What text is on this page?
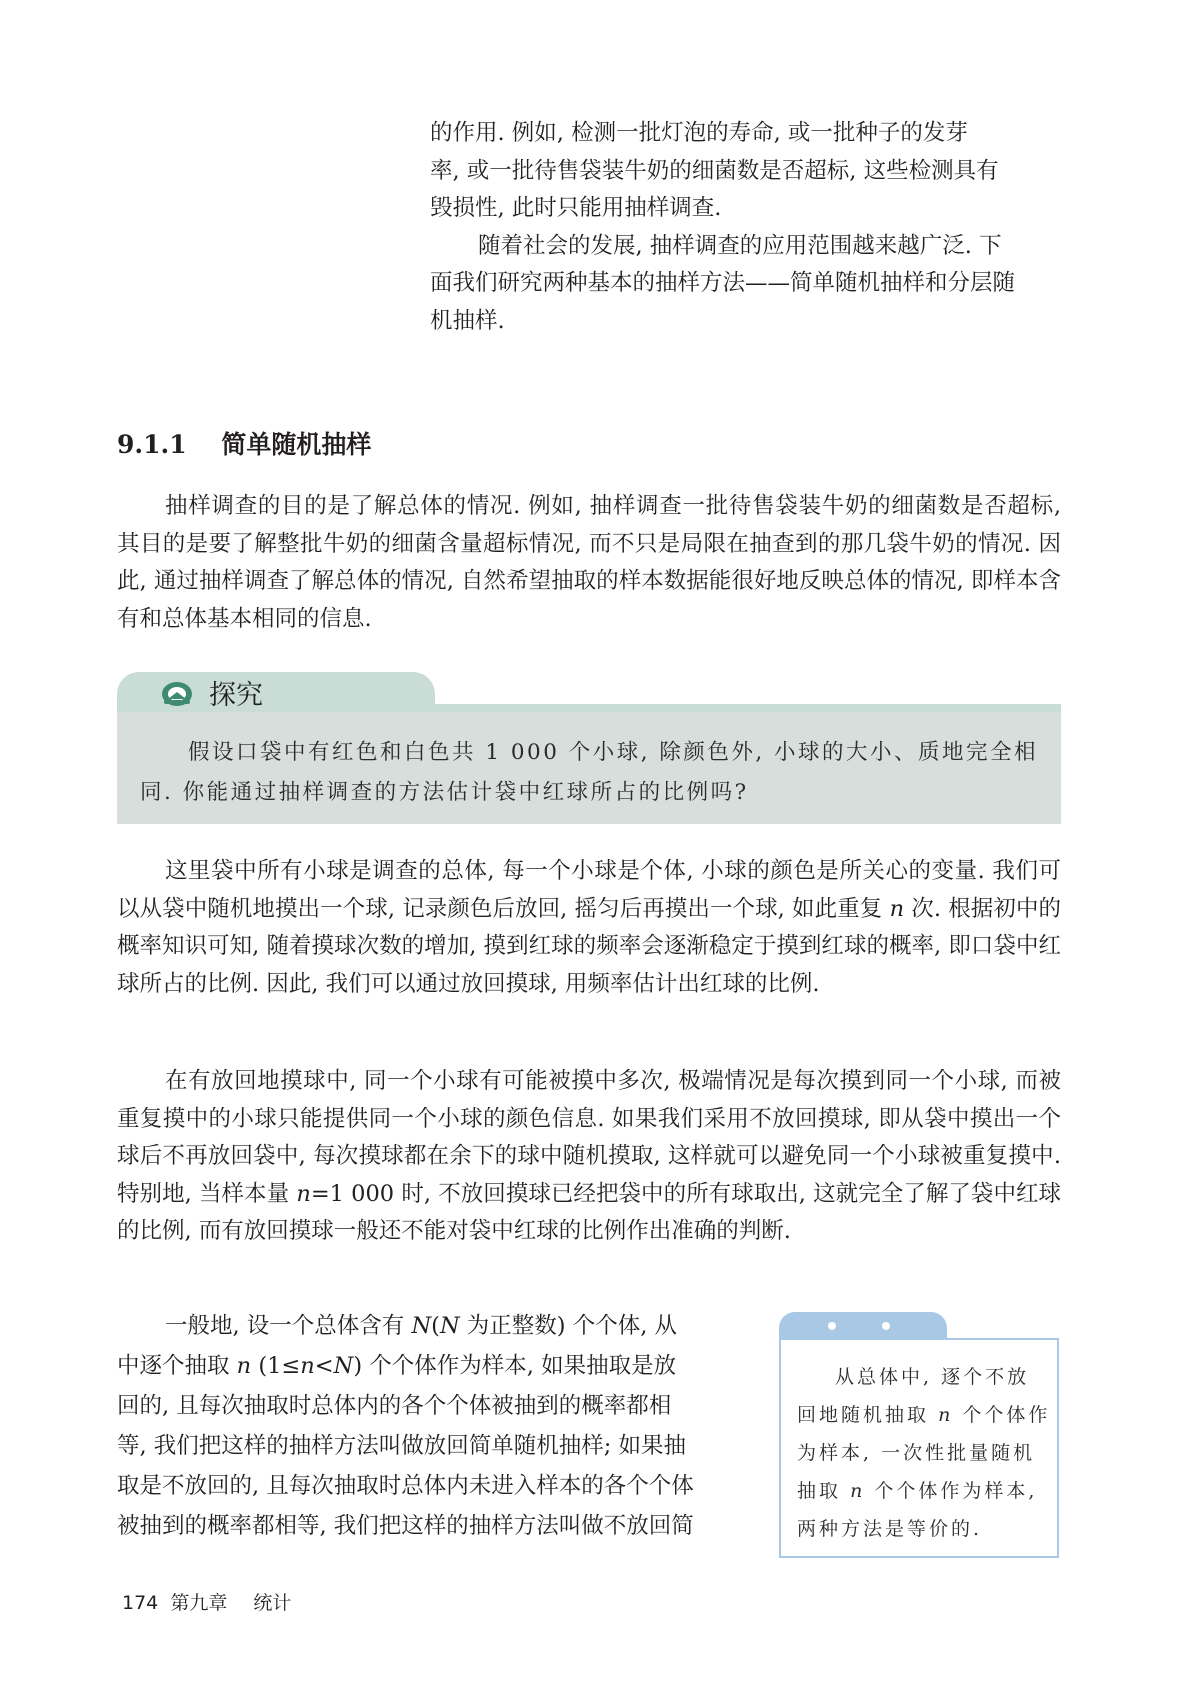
的作用. 例如, 检测一批灯泡的寿命, 或一批种子的发芽
率, 或一批待售袋装牛奶的细菌数是否超标, 这些检测具有
毁损性, 此时只能用抽样调查.
随着社会的发展, 抽样调查的应用范围越来越广泛. 下
面我们研究两种基本的抽样方法——简单随机抽样和分层随
机抽样.
9.1.1 简单随机抽样
抽样调查的目的是了解总体的情况. 例如, 抽样调查一批待售袋装牛奶的细菌数是否超标, 其目的是要了解整批牛奶的细菌含量超标情况, 而不只是局限在抽查到的那几袋牛奶的情况. 因此, 通过抽样调查了解总体的情况, 自然希望抽取的样本数据能很好地反映总体的情况, 即样本含有和总体基本相同的信息.
探究
假设口袋中有红色和白色共 1 000 个小球, 除颜色外, 小球的大小、质地完全相
同. 你能通过抽样调查的方法估计袋中红球所占的比例吗?
这里袋中所有小球是调查的总体, 每一个小球是个体, 小球的颜色是所关心的变量. 我们可以从袋中随机地摸出一个球, 记录颜色后放回, 摇匀后再摸出一个球, 如此重复 n 次. 根据初中的概率知识可知, 随着摸球次数的增加, 摸到红球的频率会逐渐稳定于摸到红球的概率, 即口袋中红球所占的比例. 因此, 我们可以通过放回摸球, 用频率估计出红球的比例.
在有放回地摸球中, 同一个小球有可能被摸中多次, 极端情况是每次摸到同一个小球, 而被重复摸中的小球只能提供同一个小球的颜色信息. 如果我们采用不放回摸球, 即从袋中摸出一个球后不再放回袋中, 每次摸球都在余下的球中随机摸取, 这样就可以避免同一个小球被重复摸中. 特别地, 当样本量 n=1 000 时, 不放回摸球已经把袋中的所有球取出, 这就完全了解了袋中红球的比例, 而有放回摸球一般还不能对袋中红球的比例作出准确的判断.
一般地, 设一个总体含有 N(N 为正整数) 个个体, 从
中逐个抽取 n (1≤n<N) 个个体作为样本, 如果抽取是放
回的, 且每次抽取时总体内的各个个体被抽到的概率都相
等, 我们把这样的抽样方法叫做放回简单随机抽样; 如果抽
取是不放回的, 且每次抽取时总体内未进入样本的各个个体
被抽到的概率都相等, 我们把这样的抽样方法叫做不放回简
从总体中, 逐个不放
回地随机抽取 n 个个体作
为样本, 一次性批量随机
抽取 n 个个体作为样本,
两种方法是等价的.
174 第九章 统计
